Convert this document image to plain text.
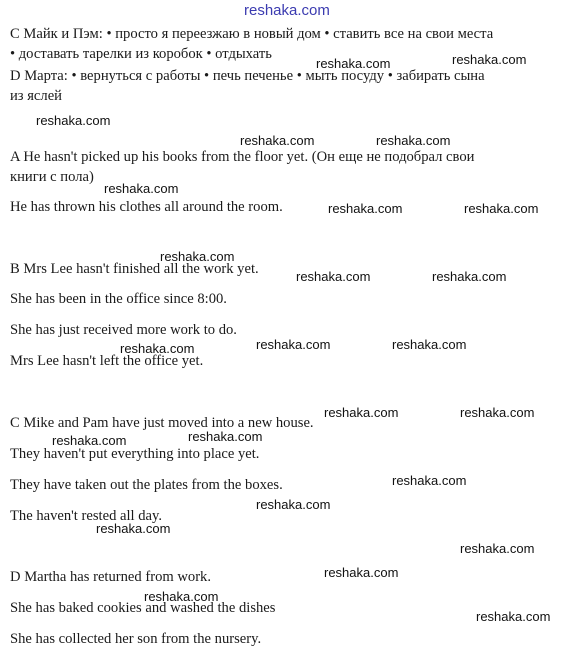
С Майк и Пэм: • просто я переезжаю в новый дом • ставить все на свои места

• доставать тарелки из коробок • отдыхать

D Марта: • вернуться с работы • печь печенье • мыть посуду • забирать сына

из яслей

A He hasn't picked up his books from the floor yet. (Он еще не подобрал свои

книги с пола)

He has thrown his clothes all around the room.

B Mrs Lee hasn't finished all the work yet.

She has been in the office since 8:00.

She has just received more work to do.

Mrs Lee hasn't left the office yet.

C Mike and Pam have just moved into a new house.

They haven't put everything into place yet.

They have taken out the plates from the boxes.

The haven't rested all day.

D Martha has returned from work.

She has baked cookies and washed the dishes

She has collected her son from the nursery.

reshaka.com
reshaka.com	reshaka.com
reshaka.com
reshaka.com	reshaka.com
reshaka.com
reshaka.com	reshaka.com
reshaka.com
reshaka.com	reshaka.com
reshaka.com	reshaka.com	reshaka.com
reshaka.com	reshaka.com
reshaka.com
reshaka.com
reshaka.com
reshaka.com
reshaka.com
reshaka.com
reshaka.com
reshaka.com
reshaka.com
